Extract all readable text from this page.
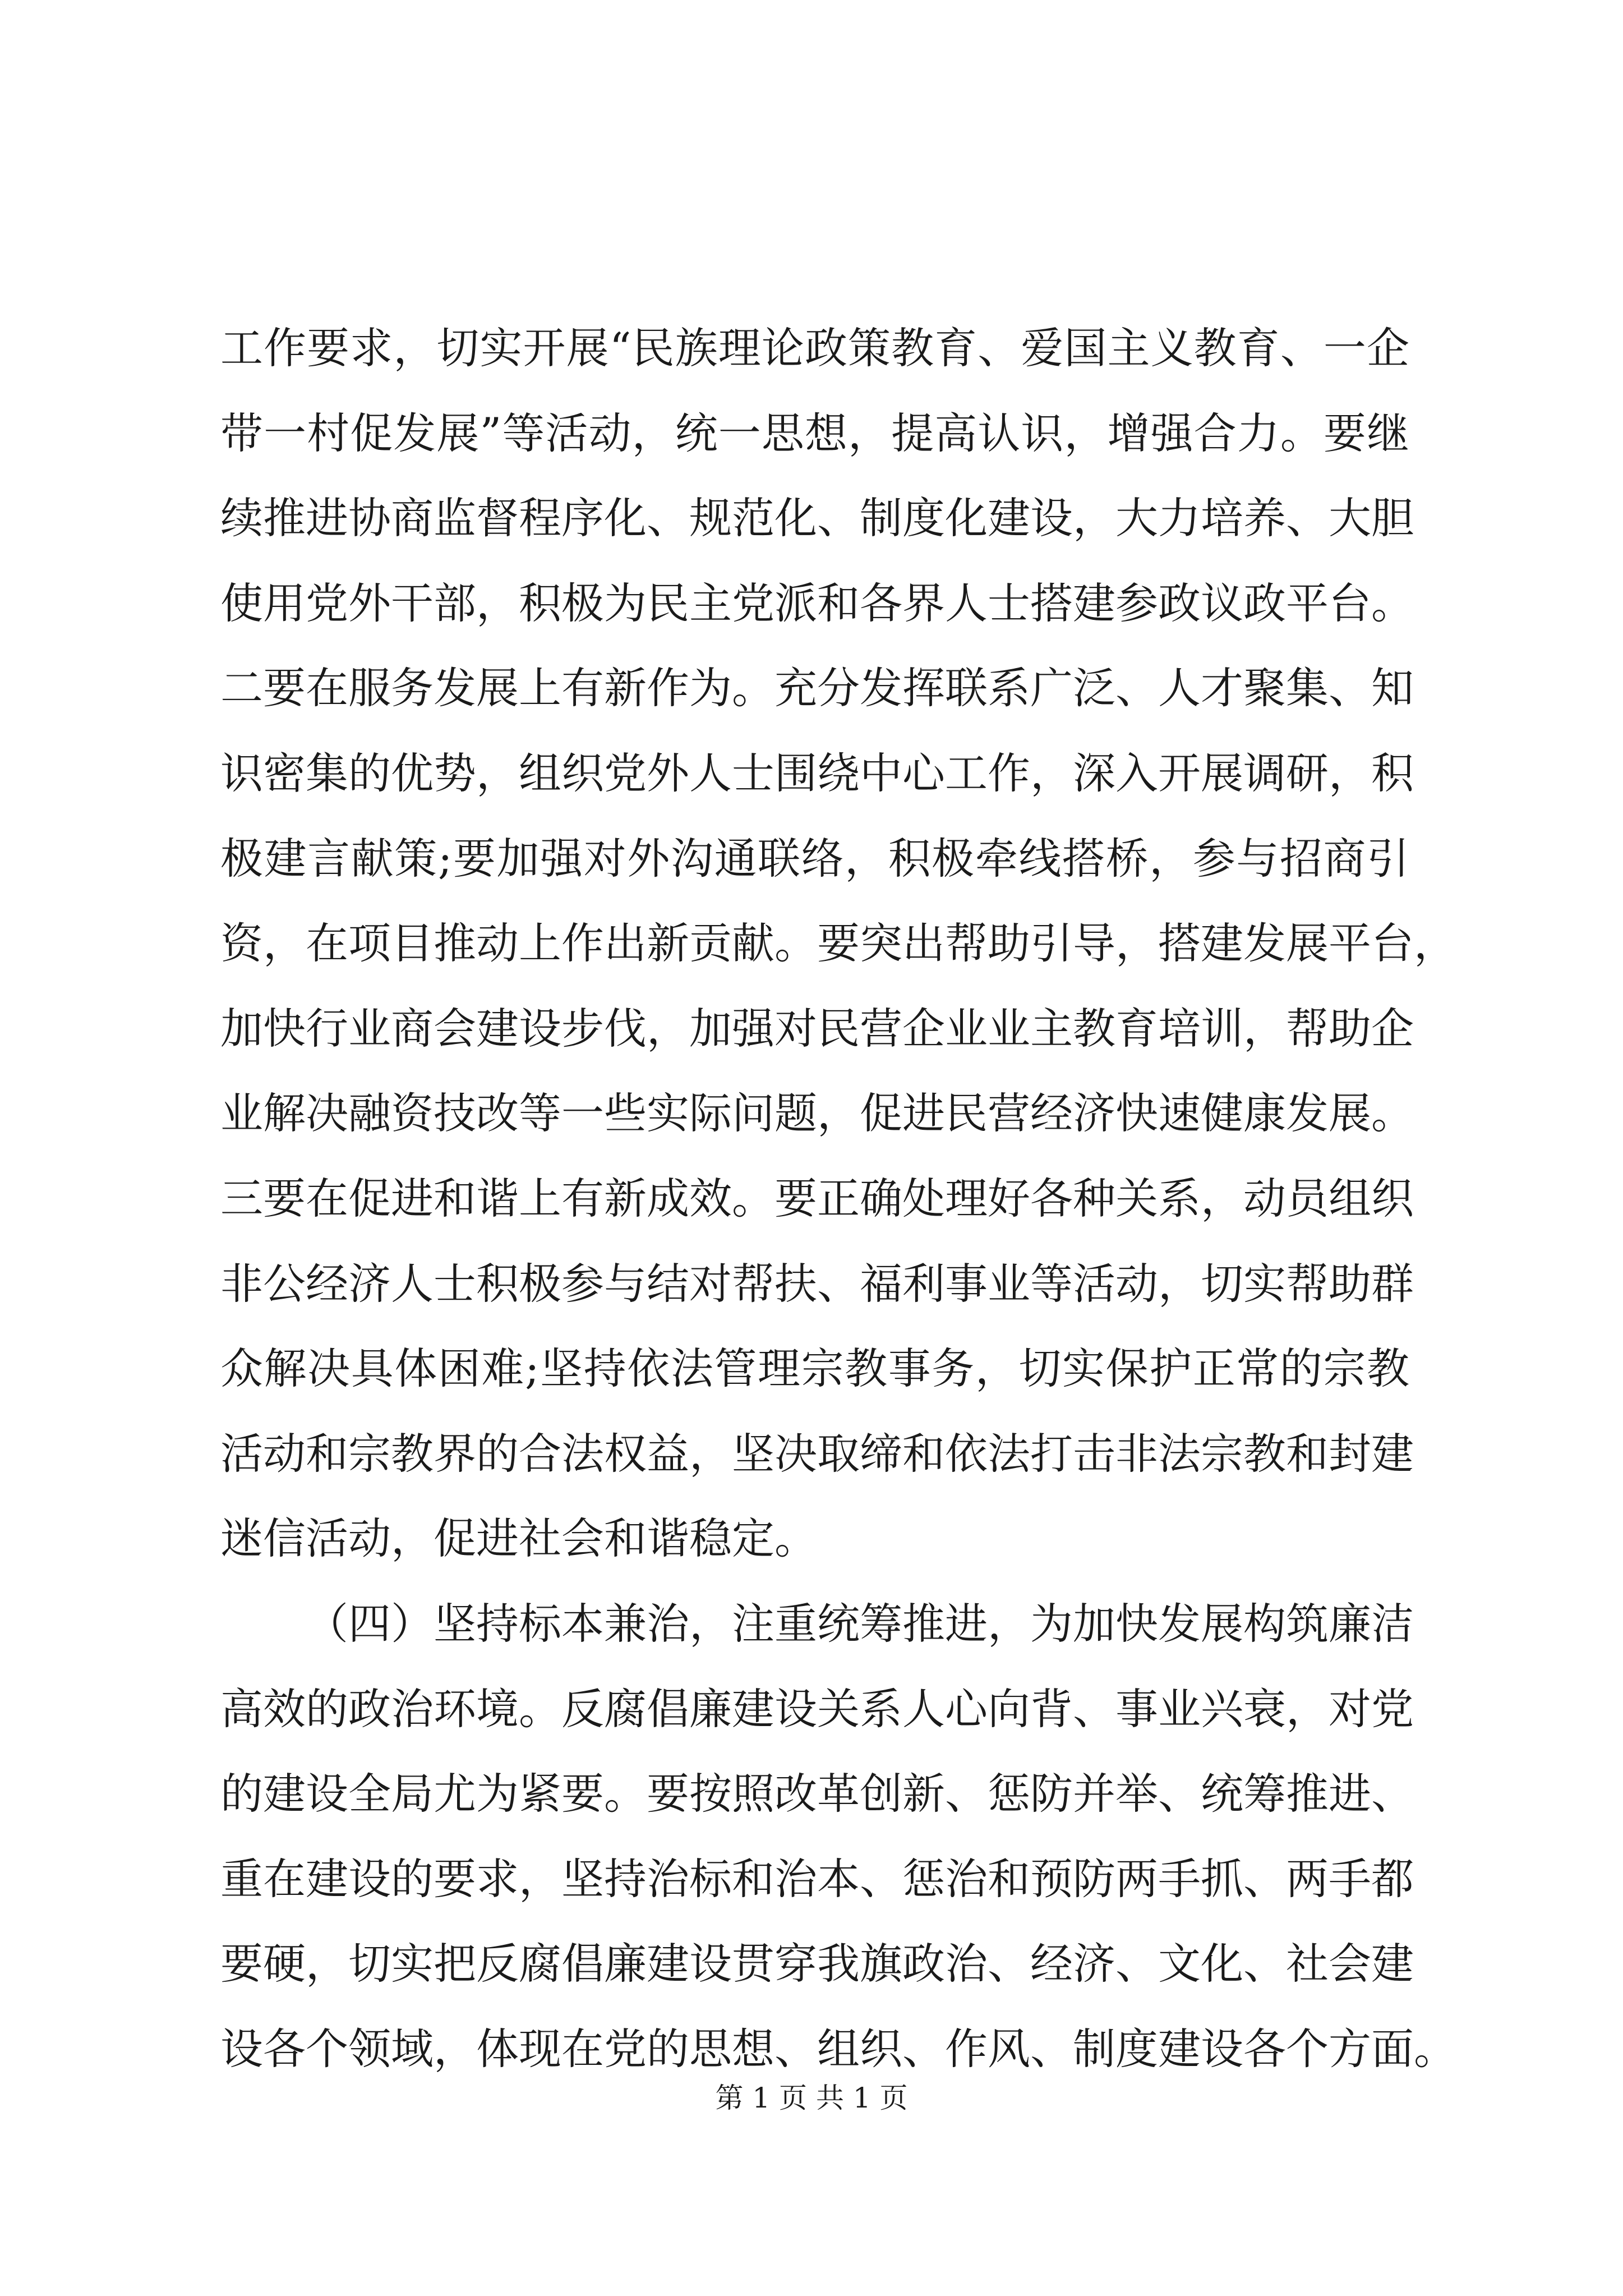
工作要求，切实开展“民族理论政策教育、爱国主义教育、一企
带一村促发展”等活动，统一思想，提高认识，增强合力。要继
续推进协商监督程序化、规范化、制度化建设，大力培养、大胆
使用党外干部，积极为民主党派和各界人士搭建参政议政平台。
二要在服务发展上有新作为。充分发挥联系广泛、人才聚集、知
识密集的优势，组织党外人士围绕中心工作，深入开展调研，积
极建言献策;要加强对外沟通联络，积极牵线搭桥，参与招商引
资，在项目推动上作出新贡献。要突出帮助引导，搭建发展平台，
加快行业商会建设步伐，加强对民营企业业主教育培训，帮助企
业解决融资技改等一些实际问题，促进民营经济快速健康发展。
三要在促进和谐上有新成效。要正确处理好各种关系，动员组织
非公经济人士积极参与结对帮扶、福利事业等活动，切实帮助群
众解决具体困难;坚持依法管理宗教事务，切实保护正常的宗教
活动和宗教界的合法权益，坚决取缔和依法打击非法宗教和封建
迷信活动，促进社会和谐稳定。
（四）坚持标本兼治，注重统筹推进，为加快发展构筑廉洁
高效的政治环境。反腐倡廉建设关系人心向背、事业兴衰，对党
的建设全局尤为紧要。要按照改革创新、惩防并举、统筹推进、
重在建设的要求，坚持治标和治本、惩治和预防两手抓、两手都
要硬，切实把反腐倡廉建设贯穿我旗政治、经济、文化、社会建
设各个领域，体现在党的思想、组织、作风、制度建设各个方面。
第 1 页 共 1 页
